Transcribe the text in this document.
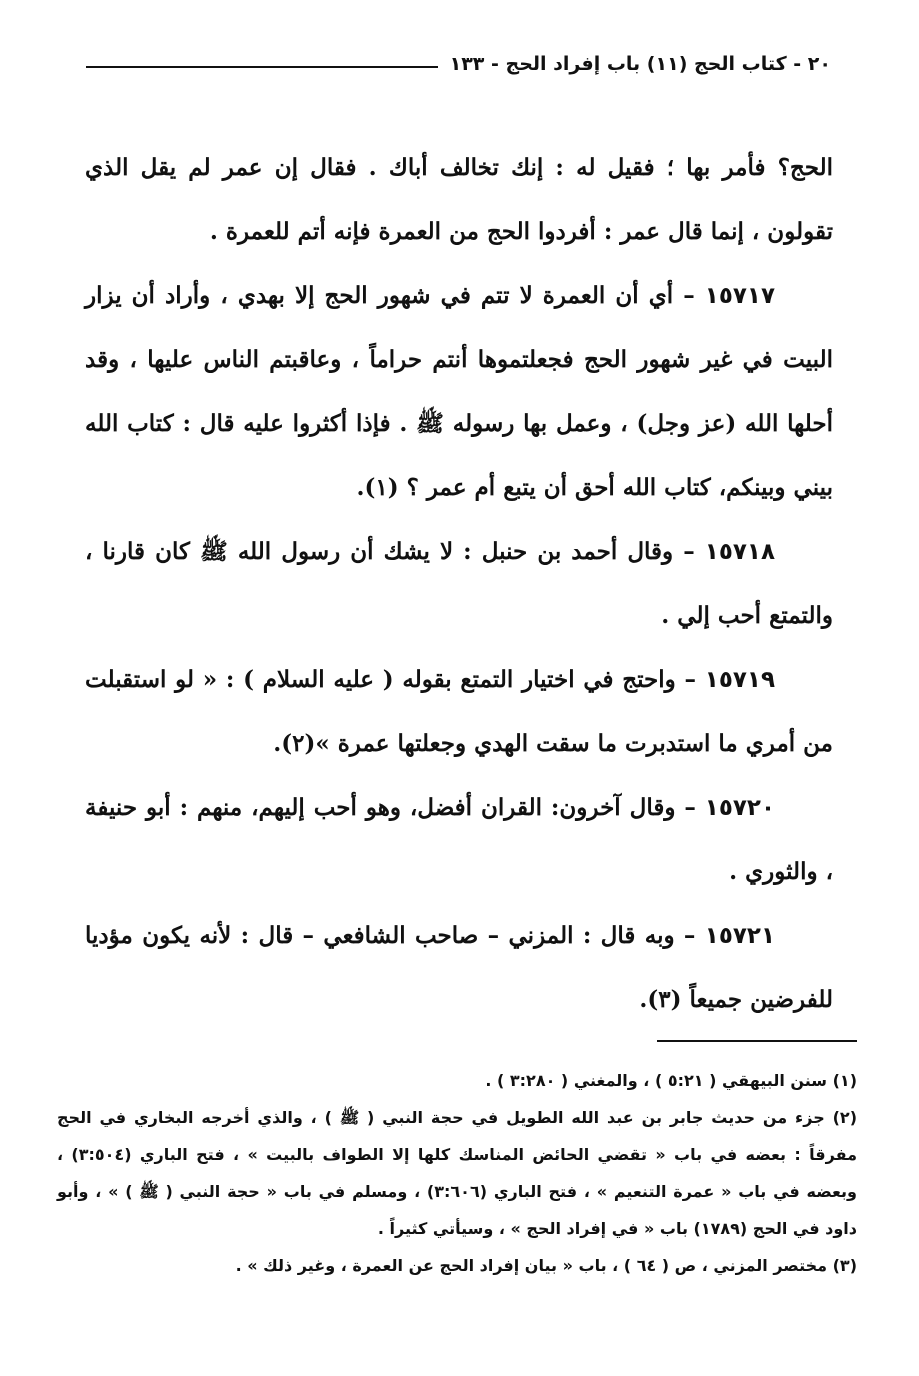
٢٠ - كتاب الحج (١١) باب إفراد الحج - ١٣٣

الحج؟ فأمر بها ؛ فقيل له : إنك تخالف أباك . فقال إن عمر لم يقل الذي تقولون ، إنما قال عمر : أفردوا الحج من العمرة فإنه أتم للعمرة .

١٥٧١٧ – أي أن العمرة لا تتم في شهور الحج إلا بهدي ، وأراد أن يزار البيت في غير شهور الحج فجعلتموها أنتم حراماً ، وعاقبتم الناس عليها ، وقد أحلها الله (عز وجل) ، وعمل بها رسوله ﷺ . فإذا أكثروا عليه قال : كتاب الله بيني وبينكم، كتاب الله أحق أن يتبع أم عمر ؟ (١).

١٥٧١٨ – وقال أحمد بن حنبل : لا يشك أن رسول الله ﷺ كان قارنا ، والتمتع أحب إلي .

١٥٧١٩ – واحتج في اختيار التمتع بقوله ( عليه السلام ) : « لو استقبلت من أمري ما استدبرت ما سقت الهدي وجعلتها عمرة »(٢).

١٥٧٢٠ – وقال آخرون: القران أفضل، وهو أحب إليهم، منهم : أبو حنيفة ، والثوري .

١٥٧٢١ – وبه قال : المزني – صاحب الشافعي – قال : لأنه يكون مؤديا للفرضين جميعاً (٣).

(١) سنن البيهقي ( ٥:٢١ ) ، والمغني ( ٣:٢٨٠ ) .

(٢) جزء من حديث جابر بن عبد الله الطويل في حجة النبي ( ﷺ ) ، والذي أخرجه البخاري في الحج مفرقاً : بعضه في باب « تقضي الحائض المناسك كلها إلا الطواف بالبيت » ، فتح الباري (٣:٥٠٤) ، وبعضه في باب « عمرة التنعيم » ، فتح الباري (٣:٦٠٦) ، ومسلم في باب « حجة النبي ( ﷺ ) » ، وأبو داود في الحج (١٧٨٩) باب « في إفراد الحج » ، وسيأتي كثيراً .

(٣) مختصر المزني ، ص ( ٦٤ ) ، باب « بيان إفراد الحج عن العمرة ، وغير ذلك » .
